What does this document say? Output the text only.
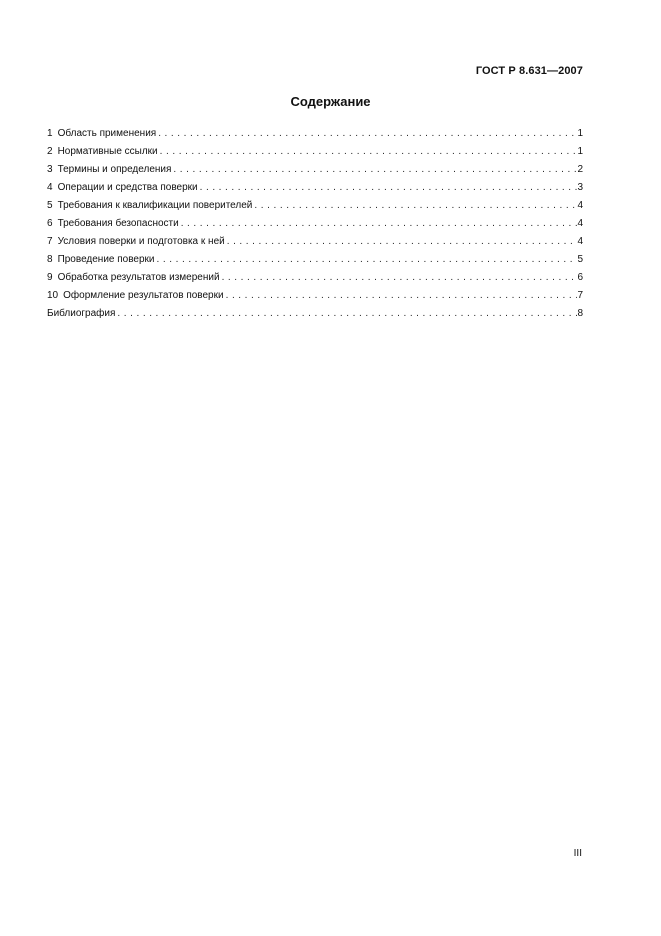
ГОСТ Р 8.631—2007
Содержание
1 Область применения . . .	1
2 Нормативные ссылки . . .	1
3 Термины и определения . . .	2
4 Операции и средства поверки . . .	3
5 Требования к квалификации поверителей . . .	4
6 Требования безопасности . . .	4
7 Условия поверки и подготовка к ней . . .	4
8 Проведение поверки . . .	5
9 Обработка результатов измерений . . .	6
10 Оформление результатов поверки . . .	7
Библиография . . .	8
III
